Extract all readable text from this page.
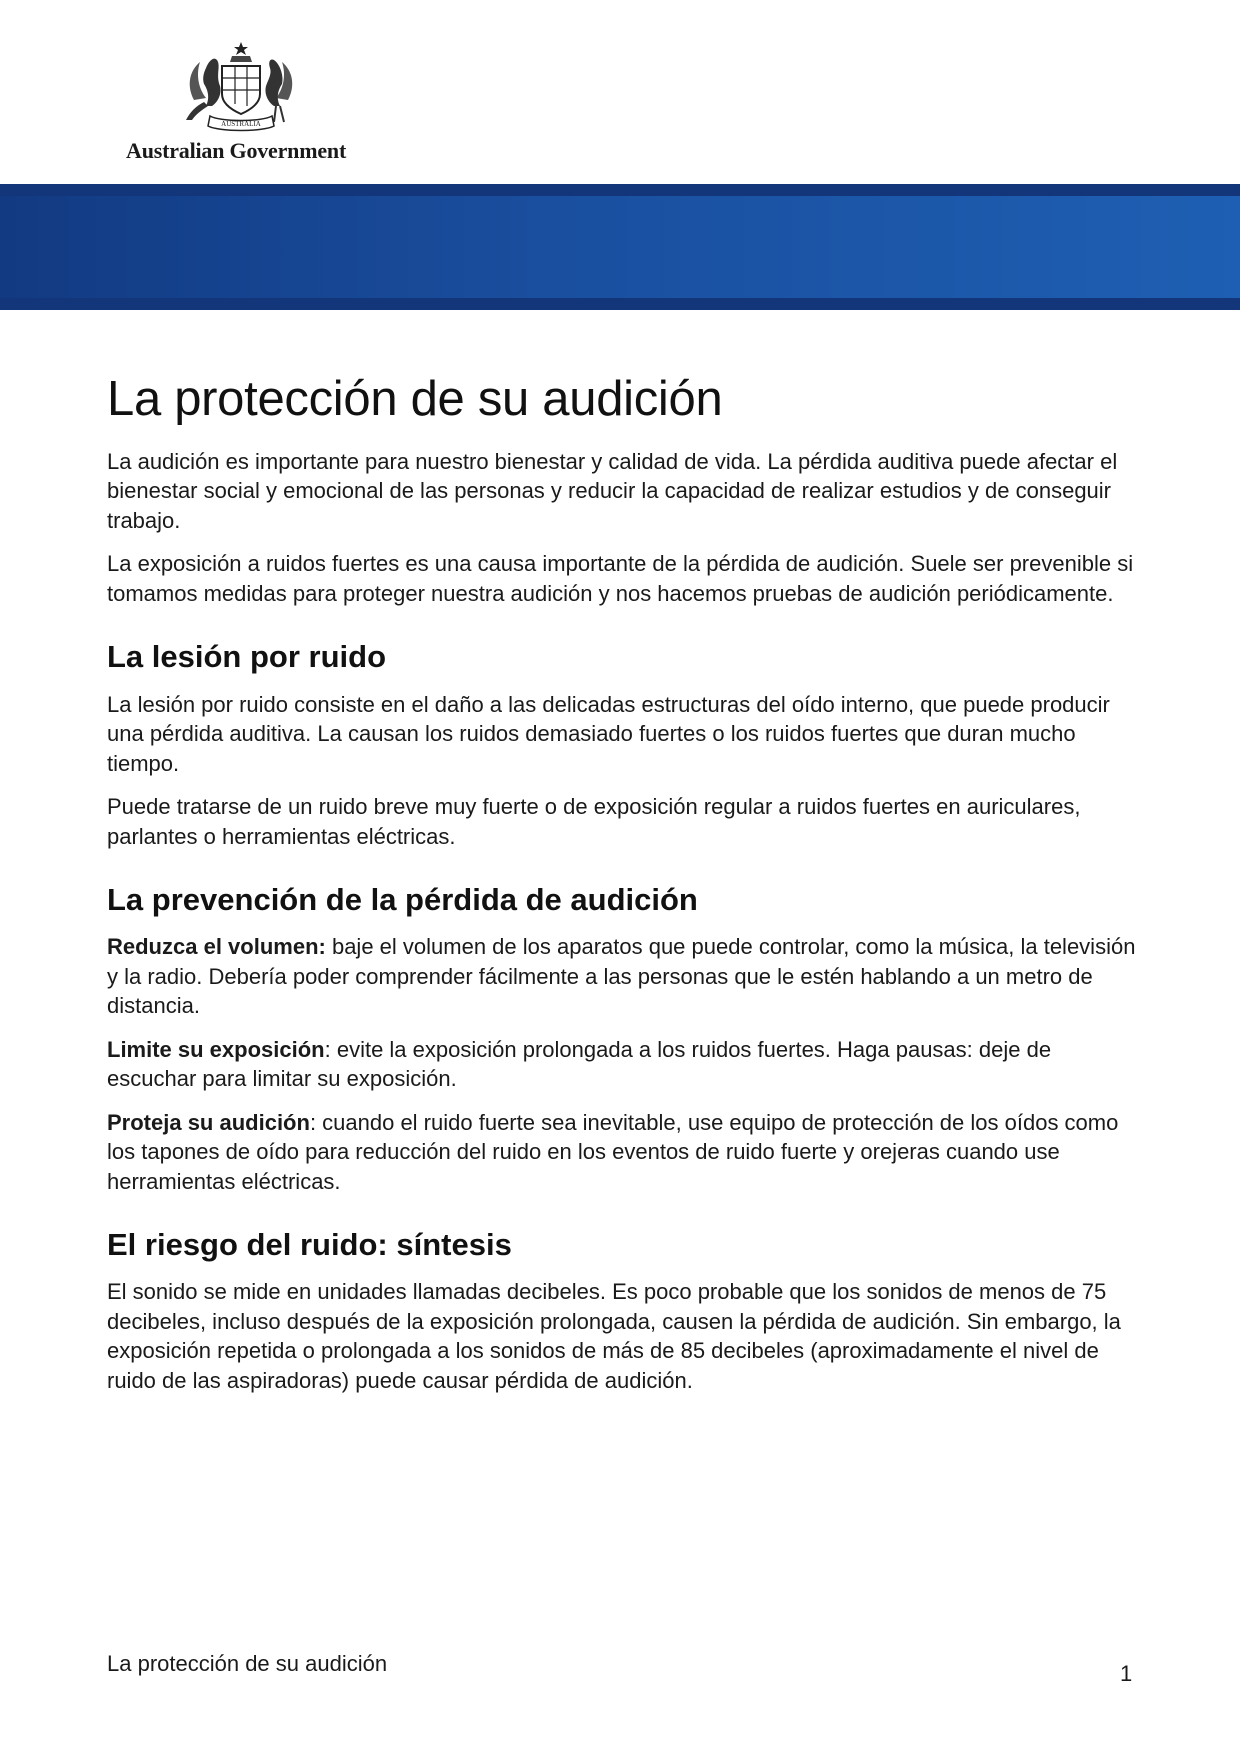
AUSTRALIA
Australian Government
La protección de su audición

La audición es importante para nuestro bienestar y calidad de vida. La pérdida auditiva puede afectar el bienestar social y emocional de las personas y reducir la capacidad de realizar estudios y de conseguir trabajo.

La exposición a ruidos fuertes es una causa importante de la pérdida de audición. Suele ser prevenible si tomamos medidas para proteger nuestra audición y nos hacemos pruebas de audición periódicamente.

La lesión por ruido

La lesión por ruido consiste en el daño a las delicadas estructuras del oído interno, que puede producir una pérdida auditiva. La causan los ruidos demasiado fuertes o los ruidos fuertes que duran mucho tiempo.

Puede tratarse de un ruido breve muy fuerte o de exposición regular a ruidos fuertes en auriculares, parlantes o herramientas eléctricas.

La prevención de la pérdida de audición

Reduzca el volumen: baje el volumen de los aparatos que puede controlar, como la música, la televisión y la radio. Debería poder comprender fácilmente a las personas que le estén hablando a un metro de distancia.

Limite su exposición: evite la exposición prolongada a los ruidos fuertes. Haga pausas: deje de escuchar para limitar su exposición.

Proteja su audición: cuando el ruido fuerte sea inevitable, use equipo de protección de los oídos como los tapones de oído para reducción del ruido en los eventos de ruido fuerte y orejeras cuando use herramientas eléctricas.

El riesgo del ruido: síntesis

El sonido se mide en unidades llamadas decibeles. Es poco probable que los sonidos de menos de 75 decibeles, incluso después de la exposición prolongada, causen la pérdida de audición. Sin embargo, la exposición repetida o prolongada a los sonidos de más de 85 decibeles (aproximadamente el nivel de ruido de las aspiradoras) puede causar pérdida de audición.

La protección de su audición	1
